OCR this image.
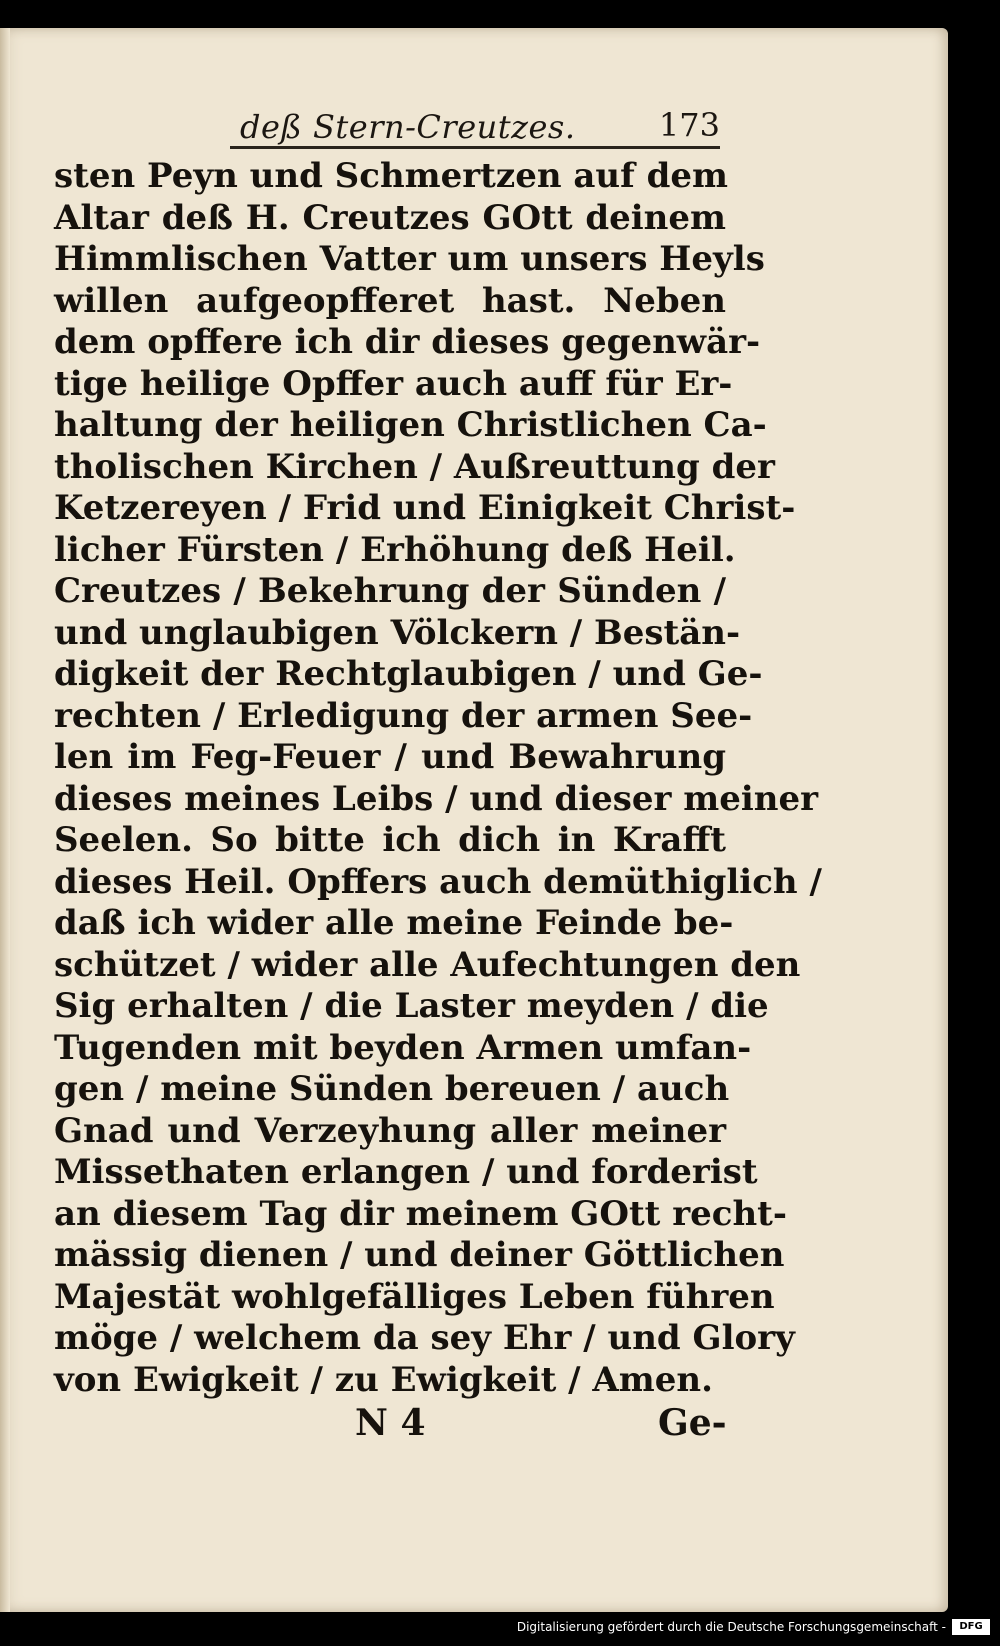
deß Stern-Creutzes.	173
sten Peyn und Schmertzen auf dem
Altar deß H. Creutzes GOtt deinem
Himmlischen Vatter um unsers Heyls
willen aufgeopfferet hast. Neben
dem opffere ich dir dieses gegenwär-
tige heilige Opffer auch auff für Er-
haltung der heiligen Christlichen Ca-
tholischen Kirchen / Außreuttung der
Ketzereyen / Frid und Einigkeit Christ-
licher Fürsten / Erhöhung deß Heil.
Creutzes / Bekehrung der Sünden /
und unglaubigen Völckern / Bestän-
digkeit der Rechtglaubigen / und Ge-
rechten / Erledigung der armen See-
len im Feg-Feuer / und Bewahrung
dieses meines Leibs / und dieser meiner
Seelen. So bitte ich dich in Krafft
dieses Heil. Opffers auch demüthiglich /
daß ich wider alle meine Feinde be-
schützet / wider alle Aufechtungen den
Sig erhalten / die Laster meyden / die
Tugenden mit beyden Armen umfan-
gen / meine Sünden bereuen / auch
Gnad und Verzeyhung aller meiner
Missethaten erlangen / und forderist
an diesem Tag dir meinem GOtt recht-
mässig dienen / und deiner Göttlichen
Majestät wohlgefälliges Leben führen
möge / welchem da sey Ehr / und Glory
von Ewigkeit / zu Ewigkeit / Amen.
N 4	Ge-
Digitalisierung gefördert durch die Deutsche Forschungsgemeinschaft -	DFG
